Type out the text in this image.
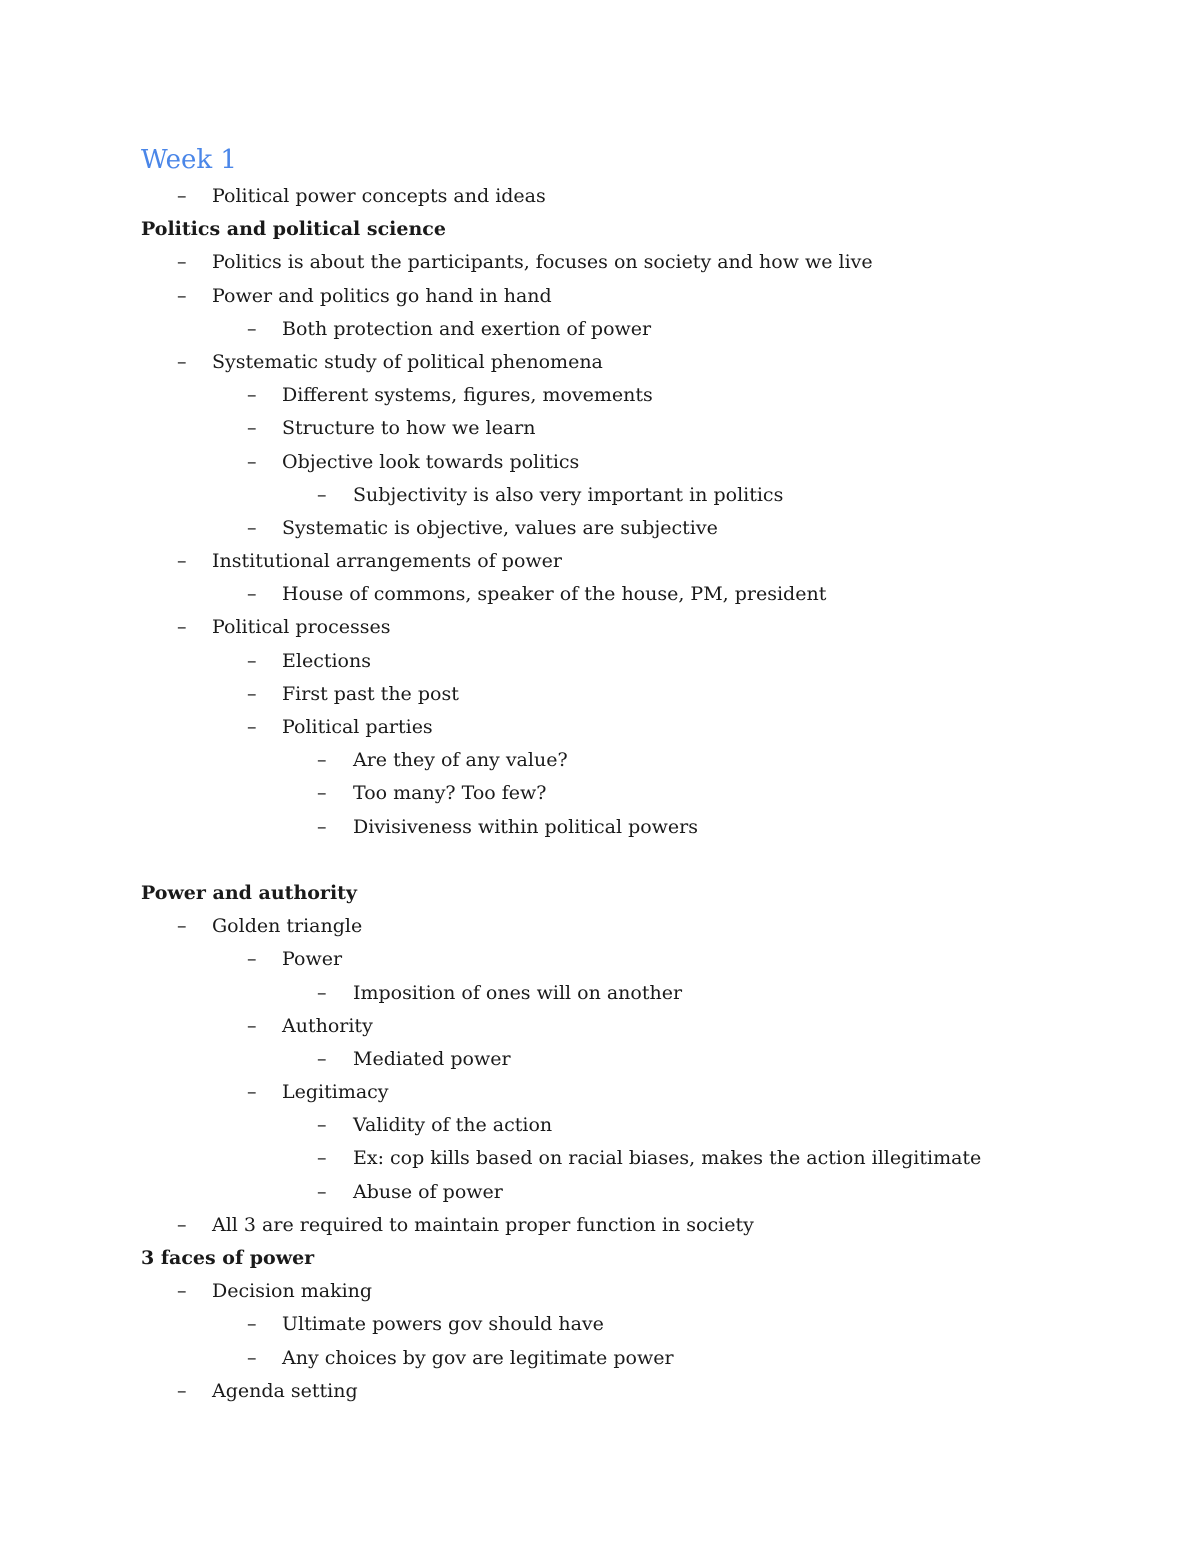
Week 1
– Political power concepts and ideas
Politics and political science
– Politics is about the participants, focuses on society and how we live
– Power and politics go hand in hand
– Both protection and exertion of power
– Systematic study of political phenomena
– Different systems, figures, movements
– Structure to how we learn
– Objective look towards politics
– Subjectivity is also very important in politics
– Systematic is objective, values are subjective
– Institutional arrangements of power
– House of commons, speaker of the house, PM, president
– Political processes
– Elections
– First past the post
– Political parties
– Are they of any value?
– Too many? Too few?
– Divisiveness within political powers
Power and authority
– Golden triangle
– Power
– Imposition of ones will on another
– Authority
– Mediated power
– Legitimacy
– Validity of the action
– Ex: cop kills based on racial biases, makes the action illegitimate
– Abuse of power
– All 3 are required to maintain proper function in society
3 faces of power
– Decision making
– Ultimate powers gov should have
– Any choices by gov are legitimate power
– Agenda setting
